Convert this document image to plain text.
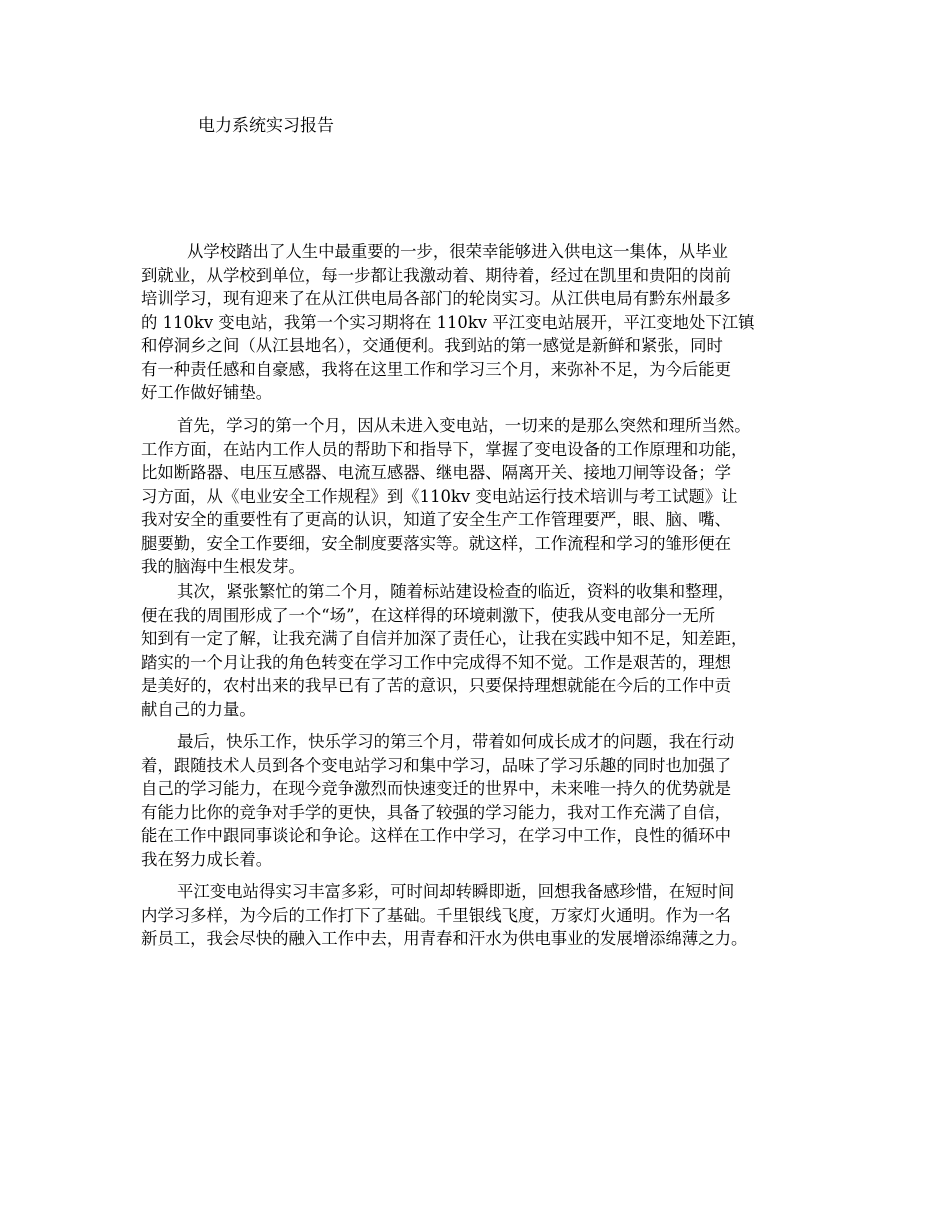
电力系统实习报告
从学校踏出了人生中最重要的一步，很荣幸能够进入供电这一集体，从毕业
到就业，从学校到单位，每一步都让我激动着、期待着，经过在凯里和贵阳的岗前
培训学习，现有迎来了在从江供电局各部门的轮岗实习。从江供电局有黔东州最多
的 110kv 变电站，我第一个实习期将在 110kv 平江变电站展开，平江变地处下江镇
和停洞乡之间（从江县地名），交通便利。我到站的第一感觉是新鲜和紧张，同时
有一种责任感和自豪感，我将在这里工作和学习三个月，来弥补不足，为今后能更
好工作做好铺垫。
首先，学习的第一个月，因从未进入变电站，一切来的是那么突然和理所当然。
工作方面，在站内工作人员的帮助下和指导下，掌握了变电设备的工作原理和功能，
比如断路器、电压互感器、电流互感器、继电器、隔离开关、接地刀闸等设备；学
习方面，从《电业安全工作规程》到《110kv 变电站运行技术培训与考工试题》让
我对安全的重要性有了更高的认识，知道了安全生产工作管理要严，眼、脑、嘴、
腿要勤，安全工作要细，安全制度要落实等。就这样，工作流程和学习的雏形便在
我的脑海中生根发芽。
其次，紧张繁忙的第二个月，随着标站建设检查的临近，资料的收集和整理，
便在我的周围形成了一个“场”，在这样得的环境刺激下，使我从变电部分一无所
知到有一定了解，让我充满了自信并加深了责任心，让我在实践中知不足，知差距，
踏实的一个月让我的角色转变在学习工作中完成得不知不觉。工作是艰苦的，理想
是美好的，农村出来的我早已有了苦的意识，只要保持理想就能在今后的工作中贡
献自己的力量。
最后，快乐工作，快乐学习的第三个月，带着如何成长成才的问题，我在行动
着，跟随技术人员到各个变电站学习和集中学习，品味了学习乐趣的同时也加强了
自己的学习能力，在现今竞争激烈而快速变迁的世界中，未来唯一持久的优势就是
有能力比你的竞争对手学的更快，具备了较强的学习能力，我对工作充满了自信，
能在工作中跟同事谈论和争论。这样在工作中学习，在学习中工作，良性的循环中
我在努力成长着。
平江变电站得实习丰富多彩，可时间却转瞬即逝，回想我备感珍惜，在短时间
内学习多样，为今后的工作打下了基础。千里银线飞度，万家灯火通明。作为一名
新员工，我会尽快的融入工作中去，用青春和汗水为供电事业的发展增添绵薄之力。
